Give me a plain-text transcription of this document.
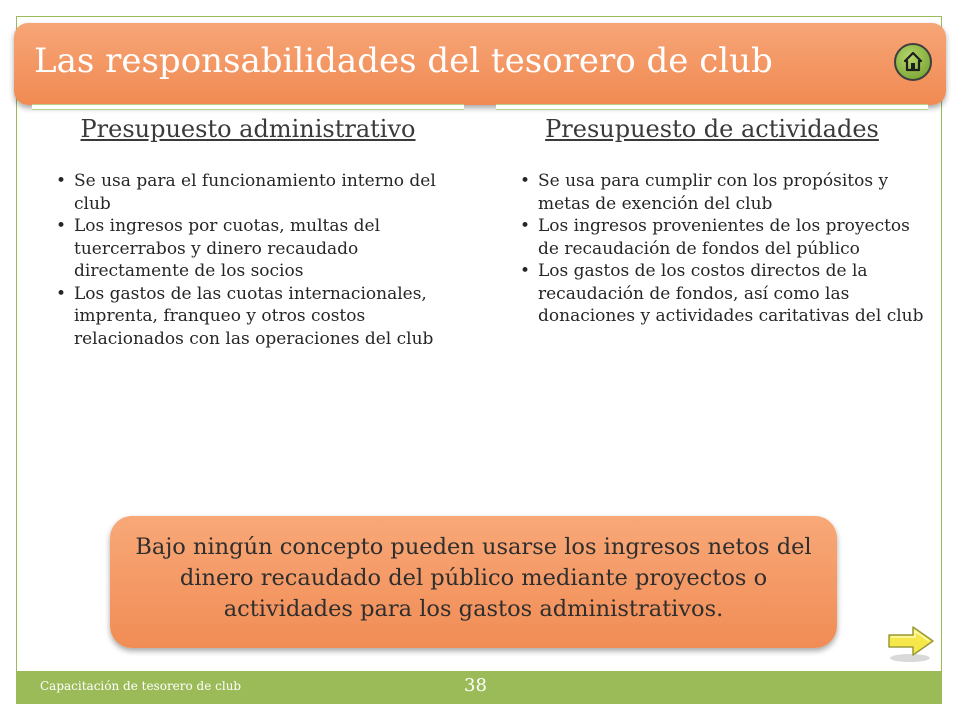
Las responsabilidades del tesorero de club
Presupuesto administrativo	Presupuesto de actividades
• Se usa para el funcionamiento interno del club
• Los ingresos por cuotas, multas del tuercerrabos y dinero recaudado directamente de los socios
• Los gastos de las cuotas internacionales, imprenta, franqueo y otros costos relacionados con las operaciones del club
• Se usa para cumplir con los propósitos y metas de exención del club
• Los ingresos provenientes de los proyectos de recaudación de fondos del público
• Los gastos de los costos directos de la recaudación de fondos, así como las donaciones y actividades caritativas del club
Bajo ningún concepto pueden usarse los ingresos netos del dinero recaudado del público mediante proyectos o actividades para los gastos administrativos.
Capacitación de tesorero de club	38
